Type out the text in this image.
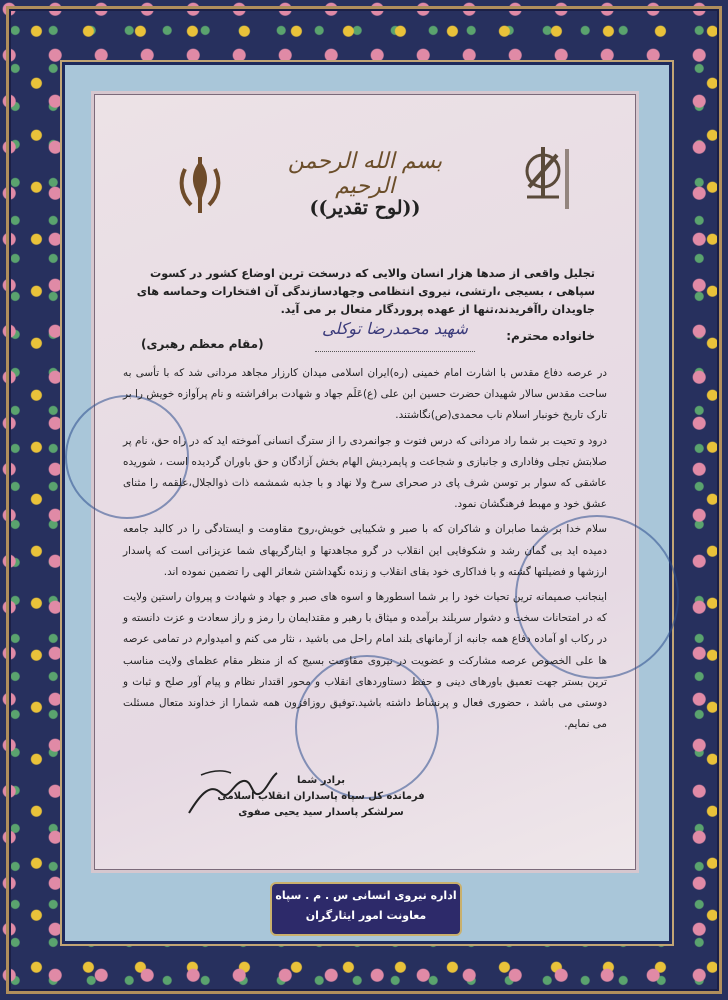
بسم الله الرحمن الرحیم
((لوح تقدیر))
تجلیل واقعی از صدها هزار انسان والایی که درسخت ترین اوضاع کشور در کسوت سپاهی ، بسیجی ،ارتشی، نیروی انتظامی وجهادسازندگی آن افتخارات وحماسه های جاویدان راآفریدند،تنها از عهده پروردگار متعال بر می آید.
خانواده محترم:
شهید محمدرضا توکلی
(مقام معظم رهبری)

در عرصه دفاع مقدس با اشارت امام خمینی (ره)ایران اسلامی میدان کارزار مجاهد مردانی شد که با تأسی به ساحت مقدس سالار شهیدان حضرت حسین ابن علی (ع)عَلَم جهاد و شهادت برافراشته و نام پرآوازه خویش را بر تارک تاریخ خونبار اسلام ناب محمدی(ص)نگاشتند.

درود و تحیت بر شما راد مردانی که درس فتوت و جوانمردی را از سترگ انسانی آموخته اید که در راه حق، نام پر صلابتش تجلی وفاداری و جانبازی و شجاعت و پایمردیش الهام بخش آزادگان و حق باوران گردیده است ، شوریده عاشقی که سوار بر توسن شرف پای در صحرای سرخ ولا نهاد و با جذبه شمشمه ذات ذوالجلال،علقمه را مثنای عشق خود و مهبط فرهنگشان نمود.

سلام خدا بر شما صابران و شاکران که با صبر و شکیبایی خویش،روح مقاومت و ایستادگی را در کالبد جامعه دمیده اید بی گمان رشد و شکوفایی این انقلاب در گرو مجاهدتها و ایثارگریهای شما عزیزانی است که پاسدار ارزشها و فضیلتها گشته و با فداکاری خود بقای انقلاب و زنده نگهداشتن شعائر الهی را تضمین نموده اند.

اینجانب صمیمانه ترین تحیات خود را بر شما اسطورها و اسوه های صبر و جهاد و شهادت و پیروان راستین ولایت که در امتحانات سخت و دشوار سربلند برآمده و میثاق با رهبر و مقتدایمان را رمز و راز سعادت و عزت دانسته و در رکاب او آماده دفاع همه جانبه از آرمانهای بلند امام راحل می باشید ، نثار می کنم و امیدوارم در تمامی عرصه ها علی الخصوص عرصه مشارکت و عضویت در نیروی مقاومت بسیج که از منظر مقام عظمای ولایت مناسب ترین بستر جهت تعمیق باورهای دینی و حفظ دستاوردهای انقلاب و محور اقتدار نظام و پیام آور صلح و ثبات و دوستی می باشد ، حضوری فعال و پرنشاط داشته باشید.توفیق روزافزون همه شمارا از خداوند متعال مسئلت می نمایم.

برادر شما
فرمانده کل سپاه پاسداران انقلاب اسلامی
سرلشکر پاسدار سید یحیی صفوی
اداره نیروی انسانی س . م . سپاه
معاونت امور ایثارگران
